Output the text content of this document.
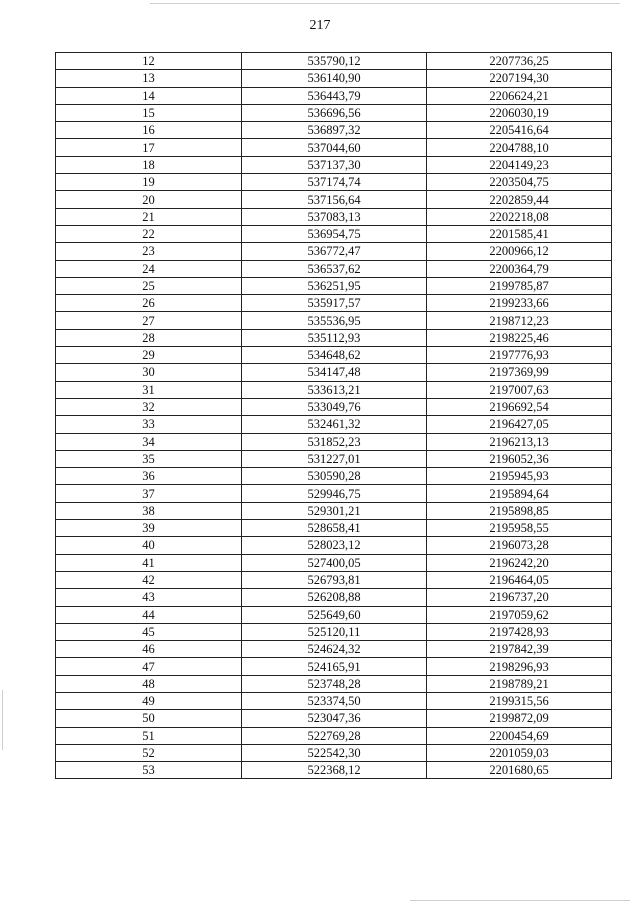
217
12	535790,12	2207736,25
13	536140,90	2207194,30
14	536443,79	2206624,21
15	536696,56	2206030,19
16	536897,32	2205416,64
17	537044,60	2204788,10
18	537137,30	2204149,23
19	537174,74	2203504,75
20	537156,64	2202859,44
21	537083,13	2202218,08
22	536954,75	2201585,41
23	536772,47	2200966,12
24	536537,62	2200364,79
25	536251,95	2199785,87
26	535917,57	2199233,66
27	535536,95	2198712,23
28	535112,93	2198225,46
29	534648,62	2197776,93
30	534147,48	2197369,99
31	533613,21	2197007,63
32	533049,76	2196692,54
33	532461,32	2196427,05
34	531852,23	2196213,13
35	531227,01	2196052,36
36	530590,28	2195945,93
37	529946,75	2195894,64
38	529301,21	2195898,85
39	528658,41	2195958,55
40	528023,12	2196073,28
41	527400,05	2196242,20
42	526793,81	2196464,05
43	526208,88	2196737,20
44	525649,60	2197059,62
45	525120,11	2197428,93
46	524624,32	2197842,39
47	524165,91	2198296,93
48	523748,28	2198789,21
49	523374,50	2199315,56
50	523047,36	2199872,09
51	522769,28	2200454,69
52	522542,30	2201059,03
53	522368,12	2201680,65
